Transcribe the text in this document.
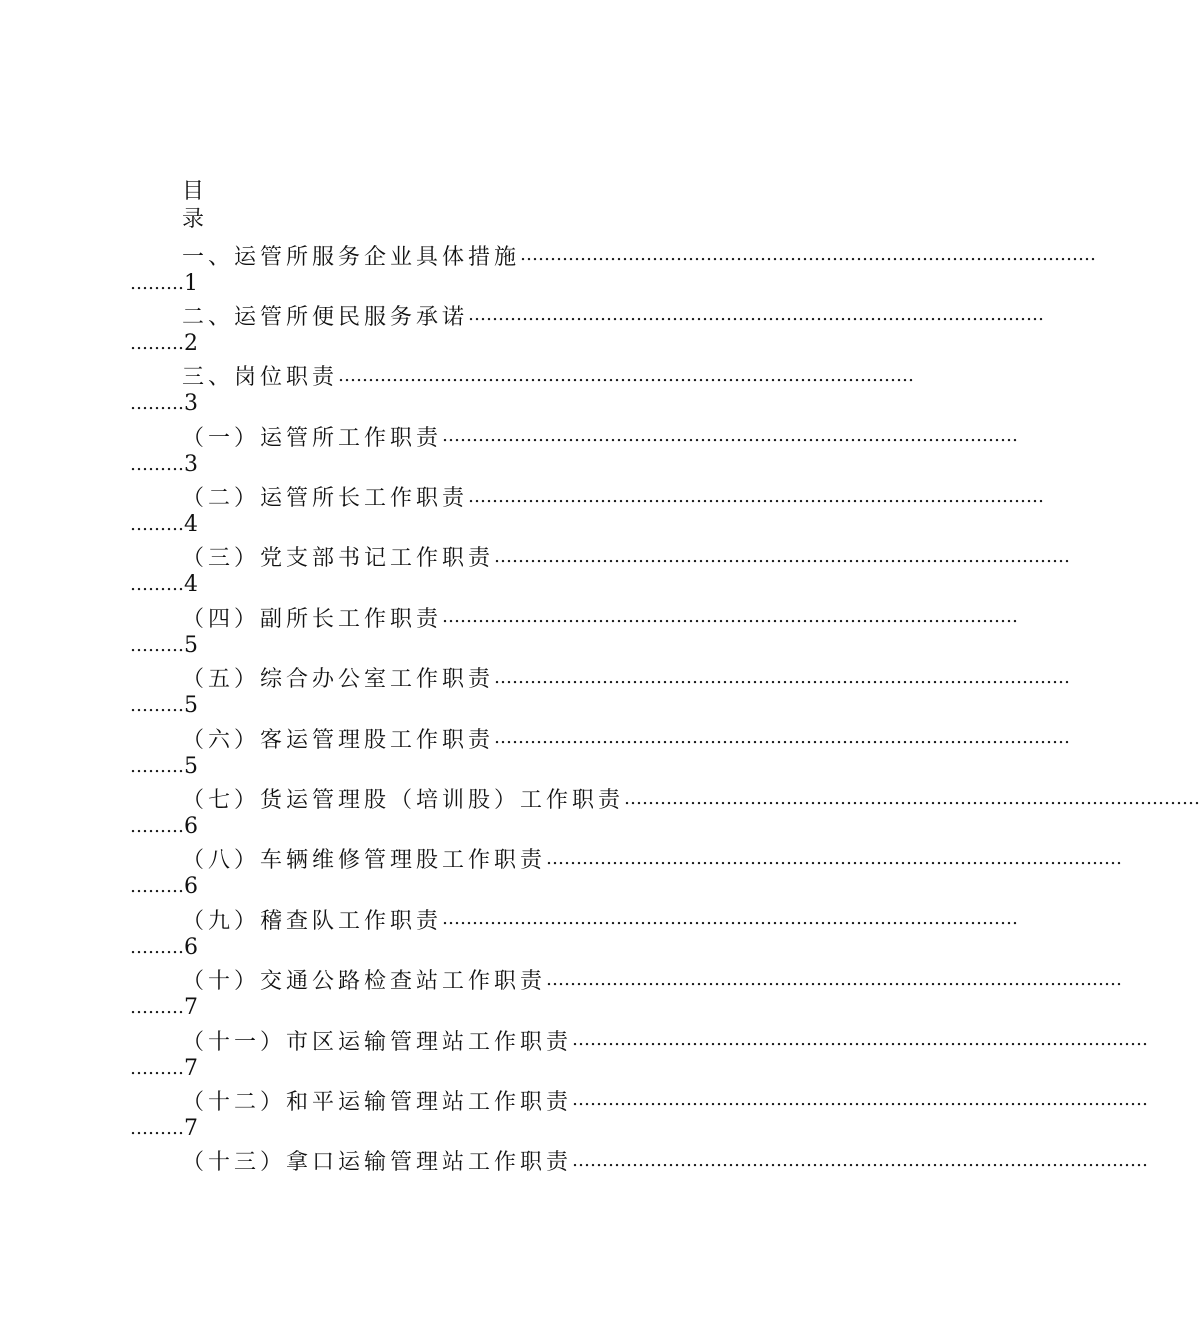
目
录
一、运管所服务企业具体措施 ……………………………………………………………………………………
……… 1
二、运管所便民服务承诺 ……………………………………………………………………………………
……… 2
三、岗位职责 ……………………………………………………………………………………
……… 3
（一）运管所工作职责 ……………………………………………………………………………………
……… 3
（二）运管所长工作职责 ……………………………………………………………………………………
……… 4
（三）党支部书记工作职责 ……………………………………………………………………………………
……… 4
（四）副所长工作职责 ……………………………………………………………………………………
……… 5
（五）综合办公室工作职责 ……………………………………………………………………………………
……… 5
（六）客运管理股工作职责 ……………………………………………………………………………………
……… 5
（七）货运管理股（培训股）工作职责 ……………………………………………………………………………………
……… 6
（八）车辆维修管理股工作职责 ……………………………………………………………………………………
……… 6
（九）稽查队工作职责 ……………………………………………………………………………………
……… 6
（十）交通公路检查站工作职责 ……………………………………………………………………………………
……… 7
（十一）市区运输管理站工作职责 ……………………………………………………………………………………
……… 7
（十二）和平运输管理站工作职责 ……………………………………………………………………………………
……… 7
（十三）拿口运输管理站工作职责 ……………………………………………………………………………………
